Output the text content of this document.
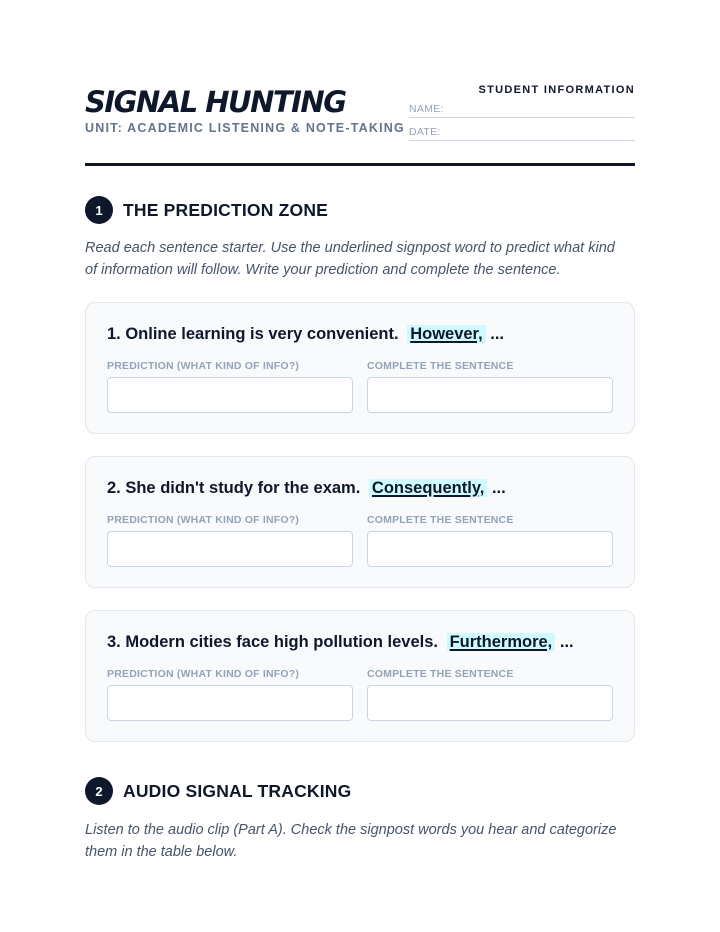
SIGNAL HUNTING
UNIT: ACADEMIC LISTENING & NOTE-TAKING
STUDENT INFORMATION
NAME:
DATE:
1	THE PREDICTION ZONE
Read each sentence starter. Use the underlined signpost word to predict what kind of information will follow. Write your prediction and complete the sentence.
1. Online learning is very convenient. However, ...
PREDICTION (WHAT KIND OF INFO?)	COMPLETE THE SENTENCE
2. She didn't study for the exam. Consequently, ...
PREDICTION (WHAT KIND OF INFO?)	COMPLETE THE SENTENCE
3. Modern cities face high pollution levels. Furthermore, ...
PREDICTION (WHAT KIND OF INFO?)	COMPLETE THE SENTENCE
2	AUDIO SIGNAL TRACKING
Listen to the audio clip (Part A). Check the signpost words you hear and categorize them in the table below.
